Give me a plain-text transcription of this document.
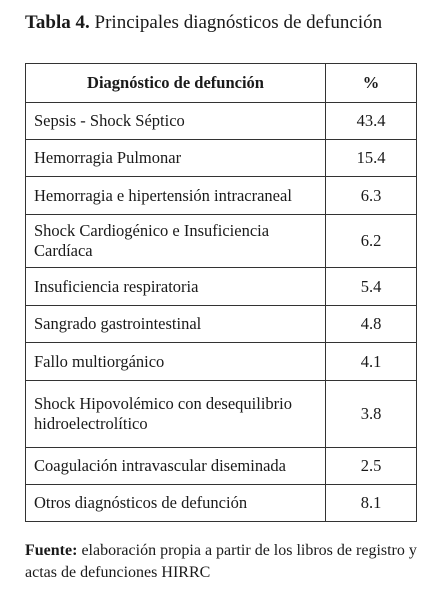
Tabla 4. Principales diagnósticos de defunción
Diagnóstico de defunción	%
Sepsis - Shock Séptico	43.4
Hemorragia Pulmonar	15.4
Hemorragia e hipertensión intracraneal	6.3
Shock Cardiogénico e Insuficiencia Cardíaca	6.2
Insuficiencia respiratoria	5.4
Sangrado gastrointestinal	4.8
Fallo multiorgánico	4.1
Shock Hipovolémico con desequilibrio hidroelectrolítico	3.8
Coagulación intravascular diseminada	2.5
Otros diagnósticos de defunción	8.1
Fuente: elaboración propia a partir de los libros de registro y actas de defunciones HIRRC
